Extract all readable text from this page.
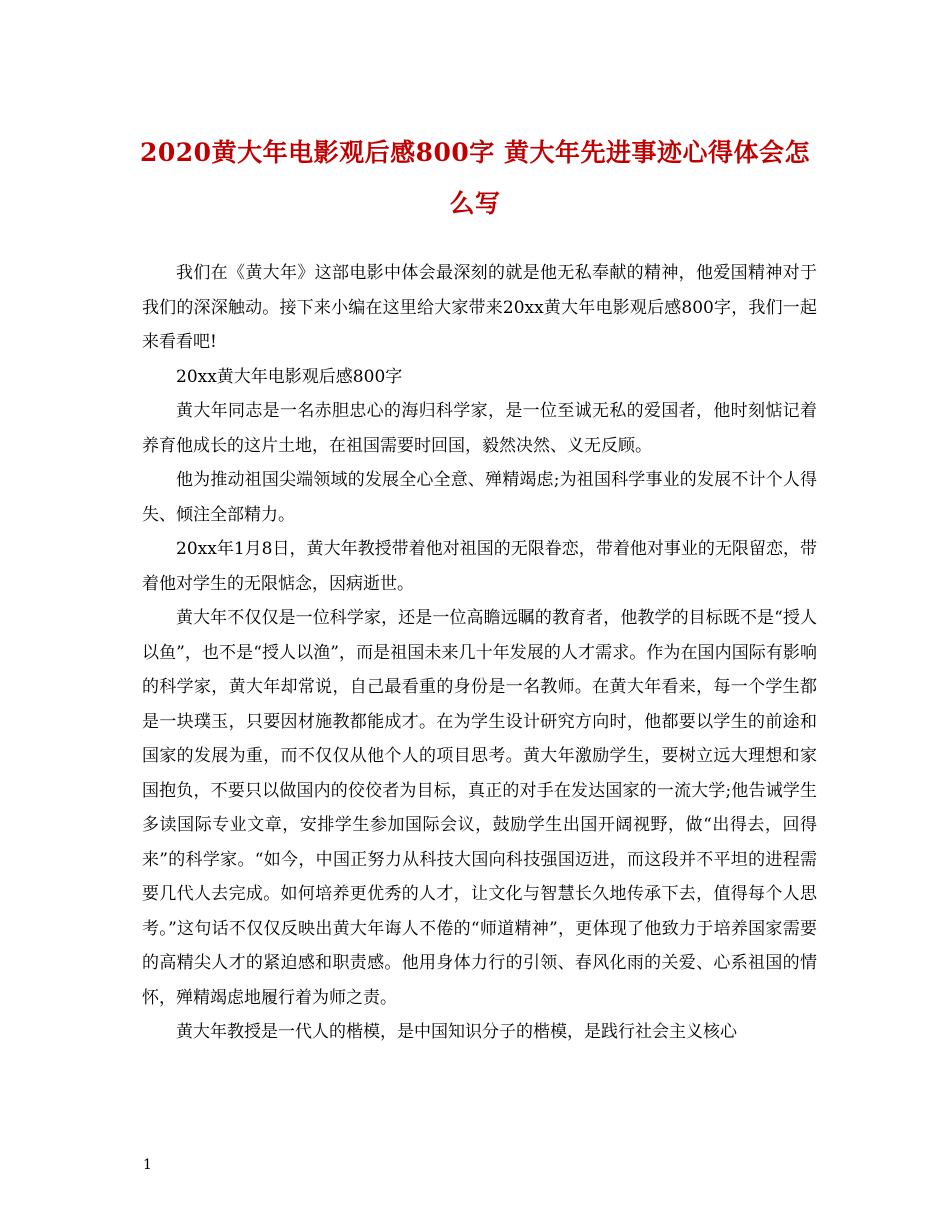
2020黄大年电影观后感800字 黄大年先进事迹心得体会怎么写

我们在《黄大年》这部电影中体会最深刻的就是他无私奉献的精神，他爱国精神对于我们的深深触动。接下来小编在这里给大家带来20xx黄大年电影观后感800字，我们一起来看看吧!

20xx黄大年电影观后感800字

黄大年同志是一名赤胆忠心的海归科学家，是一位至诚无私的爱国者，他时刻惦记着养育他成长的这片土地，在祖国需要时回国，毅然决然、义无反顾。

他为推动祖国尖端领域的发展全心全意、殚精竭虑;为祖国科学事业的发展不计个人得失、倾注全部精力。

20xx年1月8日，黄大年教授带着他对祖国的无限眷恋，带着他对事业的无限留恋，带着他对学生的无限惦念，因病逝世。

黄大年不仅仅是一位科学家，还是一位高瞻远瞩的教育者，他教学的目标既不是“授人以鱼”，也不是“授人以渔”，而是祖国未来几十年发展的人才需求。作为在国内国际有影响的科学家，黄大年却常说，自己最看重的身份是一名教师。在黄大年看来，每一个学生都是一块璞玉，只要因材施教都能成才。在为学生设计研究方向时，他都要以学生的前途和国家的发展为重，而不仅仅从他个人的项目思考。黄大年激励学生，要树立远大理想和家国抱负，不要只以做国内的佼佼者为目标，真正的对手在发达国家的一流大学;他告诫学生多读国际专业文章，安排学生参加国际会议，鼓励学生出国开阔视野，做“出得去，回得来”的科学家。“如今，中国正努力从科技大国向科技强国迈进，而这段并不平坦的进程需要几代人去完成。如何培养更优秀的人才，让文化与智慧长久地传承下去，值得每个人思考。”这句话不仅仅反映出黄大年诲人不倦的“师道精神”，更体现了他致力于培养国家需要的高精尖人才的紧迫感和职责感。他用身体力行的引领、春风化雨的关爱、心系祖国的情怀，殚精竭虑地履行着为师之责。

黄大年教授是一代人的楷模，是中国知识分子的楷模，是践行社会主义核心

1
